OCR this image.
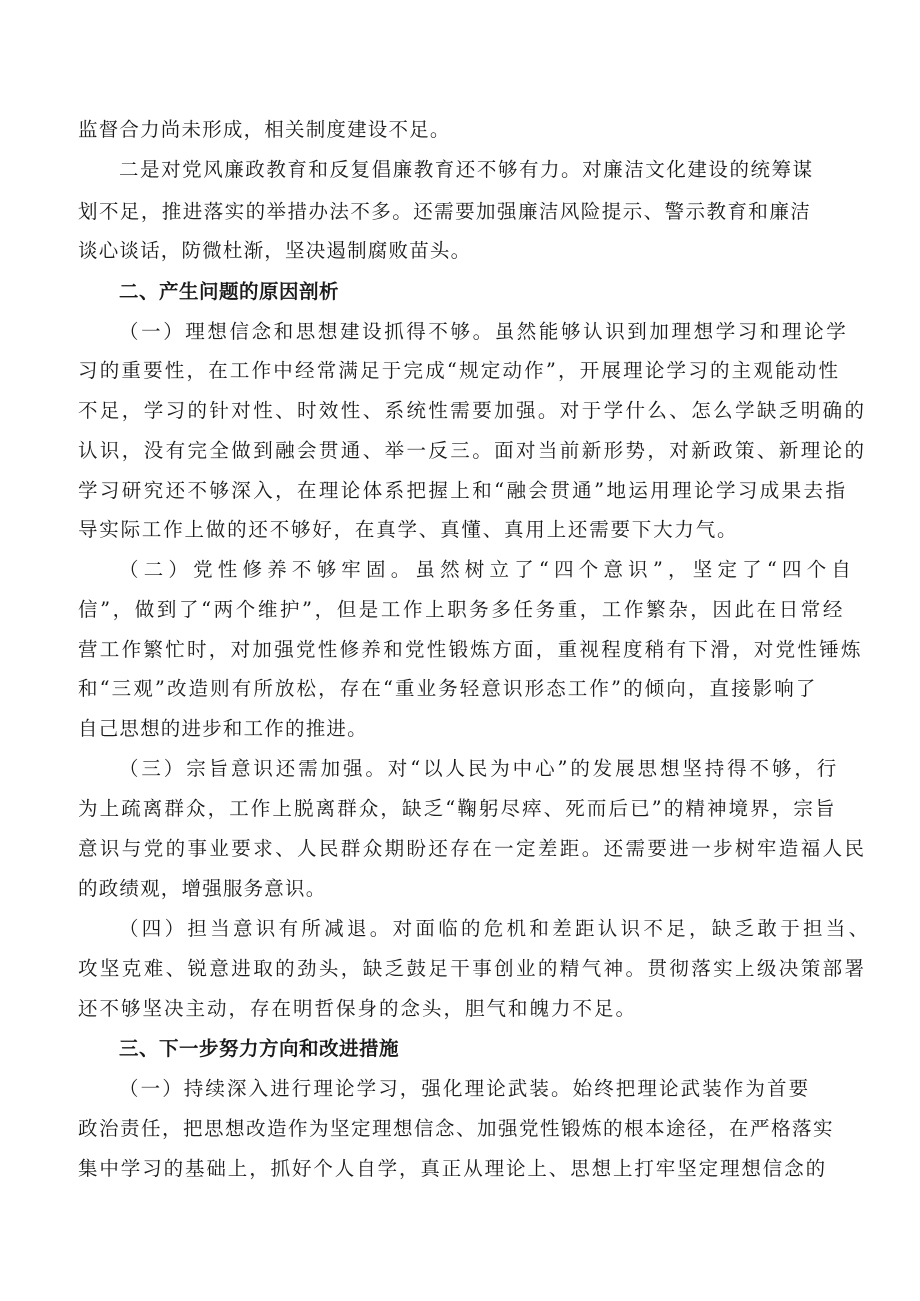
监督合力尚未形成，相关制度建设不足。
二是对党风廉政教育和反复倡廉教育还不够有力。对廉洁文化建设的统筹谋
划不足，推进落实的举措办法不多。还需要加强廉洁风险提示、警示教育和廉洁
谈心谈话，防微杜渐，坚决遏制腐败苗头。
二、产生问题的原因剖析
（一）理想信念和思想建设抓得不够。虽然能够认识到加理想学习和理论学
习的重要性，在工作中经常满足于完成“规定动作”，开展理论学习的主观能动性
不足，学习的针对性、时效性、系统性需要加强。对于学什么、怎么学缺乏明确的
认识，没有完全做到融会贯通、举一反三。面对当前新形势，对新政策、新理论的
学习研究还不够深入，在理论体系把握上和“融会贯通”地运用理论学习成果去指
导实际工作上做的还不够好，在真学、真懂、真用上还需要下大力气。
（二）党性修养不够牢固。虽然树立了“四个意识”，坚定了“四个自
信”，做到了“两个维护”，但是工作上职务多任务重，工作繁杂，因此在日常经
营工作繁忙时，对加强党性修养和党性锻炼方面，重视程度稍有下滑，对党性锤炼
和“三观”改造则有所放松，存在“重业务轻意识形态工作”的倾向，直接影响了
自己思想的进步和工作的推进。
（三）宗旨意识还需加强。对“以人民为中心”的发展思想坚持得不够，行
为上疏离群众，工作上脱离群众，缺乏“鞠躬尽瘁、死而后已”的精神境界，宗旨
意识与党的事业要求、人民群众期盼还存在一定差距。还需要进一步树牢造福人民
的政绩观，增强服务意识。
（四）担当意识有所减退。对面临的危机和差距认识不足，缺乏敢于担当、
攻坚克难、锐意进取的劲头，缺乏鼓足干事创业的精气神。贯彻落实上级决策部署
还不够坚决主动，存在明哲保身的念头，胆气和魄力不足。
三、下一步努力方向和改进措施
（一）持续深入进行理论学习，强化理论武装。始终把理论武装作为首要
政治责任，把思想改造作为坚定理想信念、加强党性锻炼的根本途径，在严格落实
集中学习的基础上，抓好个人自学，真正从理论上、思想上打牢坚定理想信念的
